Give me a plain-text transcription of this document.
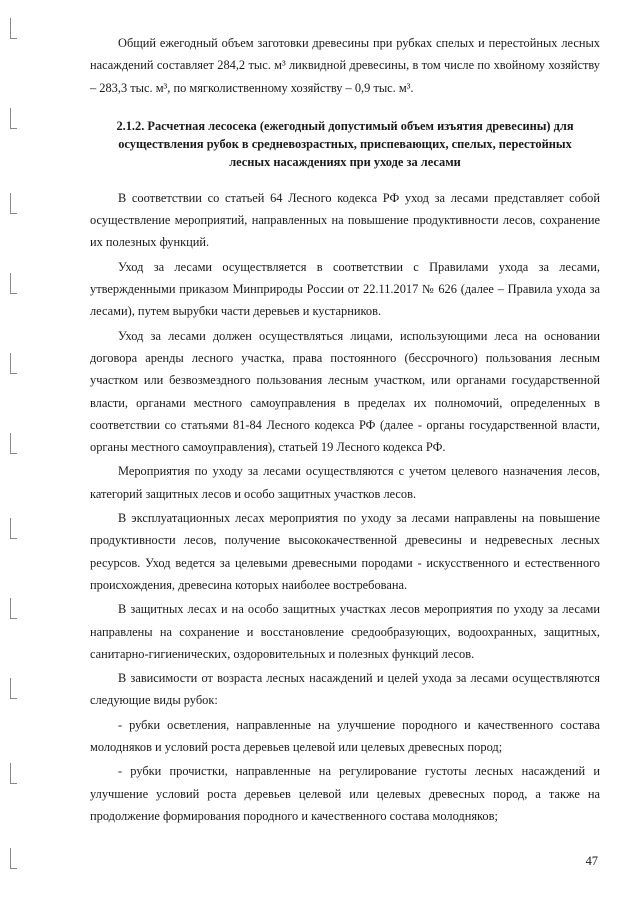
Общий ежегодный объем заготовки древесины при рубках спелых и перестойных лесных насаждений составляет 284,2 тыс. м³ ликвидной древесины, в том числе по хвойному хозяйству – 283,3 тыс. м³, по мягколиственному хозяйству – 0,9 тыс. м³.

2.1.2. Расчетная лесосека (ежегодный допустимый объем изъятия древесины) для осуществления рубок в средневозрастных, приспевающих, спелых, перестойных лесных насаждениях при уходе за лесами

В соответствии со статьей 64 Лесного кодекса РФ уход за лесами представляет собой осуществление мероприятий, направленных на повышение продуктивности лесов, сохранение их полезных функций.

Уход за лесами осуществляется в соответствии с Правилами ухода за лесами, утвержденными приказом Минприроды России от 22.11.2017 № 626 (далее – Правила ухода за лесами), путем вырубки части деревьев и кустарников.

Уход за лесами должен осуществляться лицами, использующими леса на основании договора аренды лесного участка, права постоянного (бессрочного) пользования лесным участком или безвозмездного пользования лесным участком, или органами государственной власти, органами местного самоуправления в пределах их полномочий, определенных в соответствии со статьями 81-84 Лесного кодекса РФ (далее - органы государственной власти, органы местного самоуправления), статьей 19 Лесного кодекса РФ.

Мероприятия по уходу за лесами осуществляются с учетом целевого назначения лесов, категорий защитных лесов и особо защитных участков лесов.

В эксплуатационных лесах мероприятия по уходу за лесами направлены на повышение продуктивности лесов, получение высококачественной древесины и недревесных лесных ресурсов. Уход ведется за целевыми древесными породами - искусственного и естественного происхождения, древесина которых наиболее востребована.

В защитных лесах и на особо защитных участках лесов мероприятия по уходу за лесами направлены на сохранение и восстановление средообразующих, водоохранных, защитных, санитарно-гигиенических, оздоровительных и полезных функций лесов.

В зависимости от возраста лесных насаждений и целей ухода за лесами осуществляются следующие виды рубок:

- рубки осветления, направленные на улучшение породного и качественного состава молодняков и условий роста деревьев целевой или целевых древесных пород;

- рубки прочистки, направленные на регулирование густоты лесных насаждений и улучшение условий роста деревьев целевой или целевых древесных пород, а также на продолжение формирования породного и качественного состава молодняков;

47
